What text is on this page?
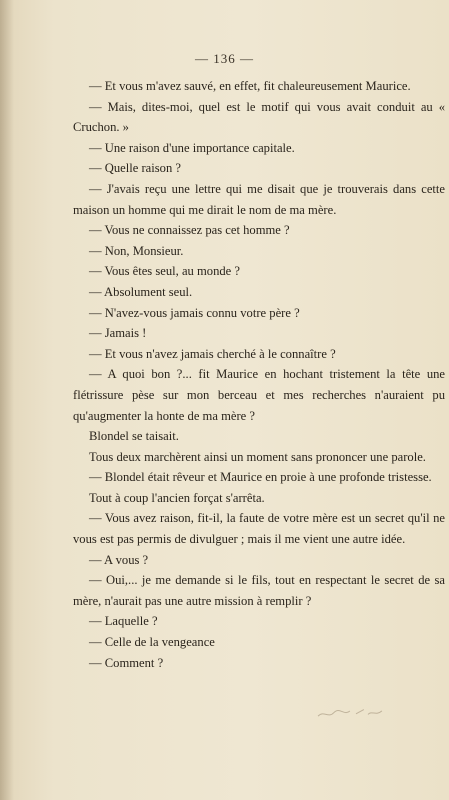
— 136 —

— Et vous m'avez sauvé, en effet, fit chaleureusement Maurice.

— Mais, dites-moi, quel est le motif qui vous avait conduit au « Cruchon. »

— Une raison d'une importance capitale.

— Quelle raison ?

— J'avais reçu une lettre qui me disait que je trouverais dans cette maison un homme qui me dirait le nom de ma mère.

— Vous ne connaissez pas cet homme ?

— Non, Monsieur.

— Vous êtes seul, au monde ?

— Absolument seul.

— N'avez-vous jamais connu votre père ?

— Jamais !

— Et vous n'avez jamais cherché à le connaître ?

— A quoi bon ?... fit Maurice en hochant tristement la tête une flétrissure pèse sur mon berceau et mes recherches n'auraient pu qu'augmenter la honte de ma mère ?

Blondel se taisait.

Tous deux marchèrent ainsi un moment sans prononcer une parole.

— Blondel était rêveur et Maurice en proie à une profonde tristesse.

Tout à coup l'ancien forçat s'arrêta.

— Vous avez raison, fit-il, la faute de votre mère est un secret qu'il ne vous est pas permis de divulguer ; mais il me vient une autre idée.

— A vous ?

— Oui,... je me demande si le fils, tout en respectant le secret de sa mère, n'aurait pas une autre mission à remplir ?

— Laquelle ?

— Celle de la vengeance

— Comment ?
